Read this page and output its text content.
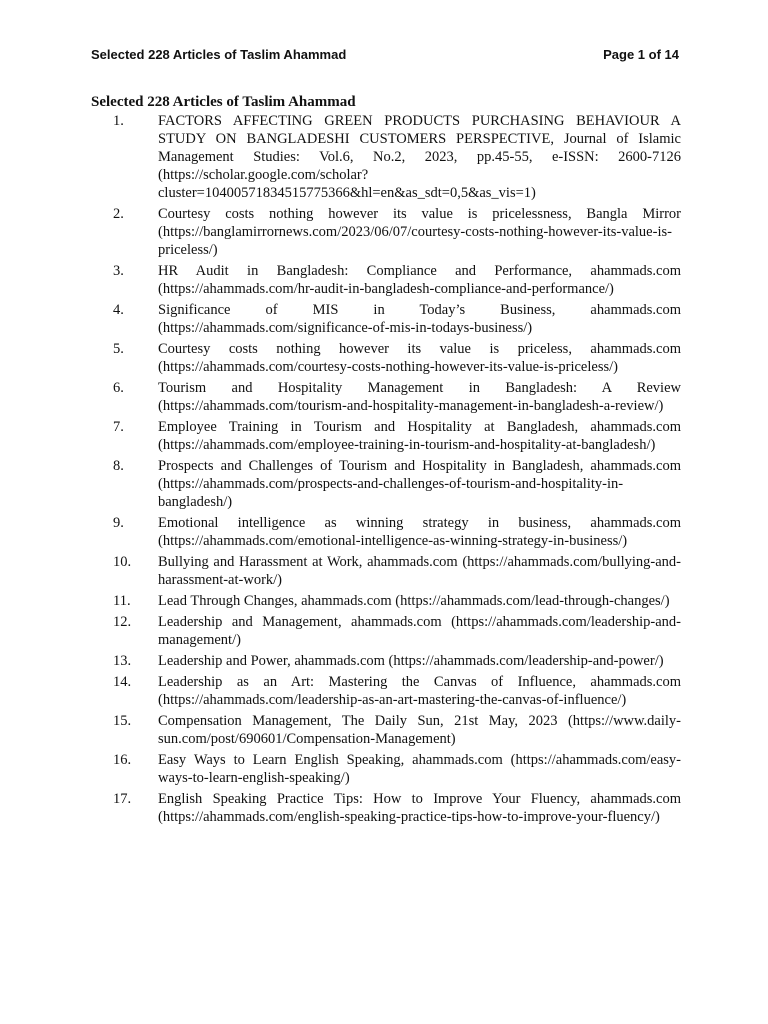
Selected 228 Articles of Taslim Ahammad	Page 1 of 14
Selected 228 Articles of Taslim Ahammad
1.	FACTORS AFFECTING GREEN PRODUCTS PURCHASING BEHAVIOUR A STUDY ON BANGLADESHI CUSTOMERS PERSPECTIVE, Journal of Islamic Management Studies: Vol.6, No.2, 2023, pp.45-55, e-ISSN: 2600-7126 (https://scholar.google.com/scholar?cluster=10400571834515775366&hl=en&as_sdt=0,5&as_vis=1)
2.	Courtesy costs nothing however its value is pricelessness, Bangla Mirror (https://banglamirrornews.com/2023/06/07/courtesy-costs-nothing-however-its-value-is-priceless/)
3.	HR Audit in Bangladesh: Compliance and Performance, ahammads.com (https://ahammads.com/hr-audit-in-bangladesh-compliance-and-performance/)
4.	Significance of MIS in Today’s Business, ahammads.com (https://ahammads.com/significance-of-mis-in-todays-business/)
5.	Courtesy costs nothing however its value is priceless, ahammads.com (https://ahammads.com/courtesy-costs-nothing-however-its-value-is-priceless/)
6.	Tourism and Hospitality Management in Bangladesh: A Review (https://ahammads.com/tourism-and-hospitality-management-in-bangladesh-a-review/)
7.	Employee Training in Tourism and Hospitality at Bangladesh, ahammads.com (https://ahammads.com/employee-training-in-tourism-and-hospitality-at-bangladesh/)
8.	Prospects and Challenges of Tourism and Hospitality in Bangladesh, ahammads.com (https://ahammads.com/prospects-and-challenges-of-tourism-and-hospitality-in-bangladesh/)
9.	Emotional intelligence as winning strategy in business, ahammads.com (https://ahammads.com/emotional-intelligence-as-winning-strategy-in-business/)
10.	Bullying and Harassment at Work, ahammads.com (https://ahammads.com/bullying-and-harassment-at-work/)
11.	Lead Through Changes, ahammads.com (https://ahammads.com/lead-through-changes/)
12.	Leadership and Management, ahammads.com (https://ahammads.com/leadership-and-management/)
13.	Leadership and Power, ahammads.com (https://ahammads.com/leadership-and-power/)
14.	Leadership as an Art: Mastering the Canvas of Influence, ahammads.com (https://ahammads.com/leadership-as-an-art-mastering-the-canvas-of-influence/)
15.	Compensation Management, The Daily Sun, 21st May, 2023 (https://www.daily-sun.com/post/690601/Compensation-Management)
16.	Easy Ways to Learn English Speaking, ahammads.com (https://ahammads.com/easy-ways-to-learn-english-speaking/)
17.	English Speaking Practice Tips: How to Improve Your Fluency, ahammads.com (https://ahammads.com/english-speaking-practice-tips-how-to-improve-your-fluency/)
